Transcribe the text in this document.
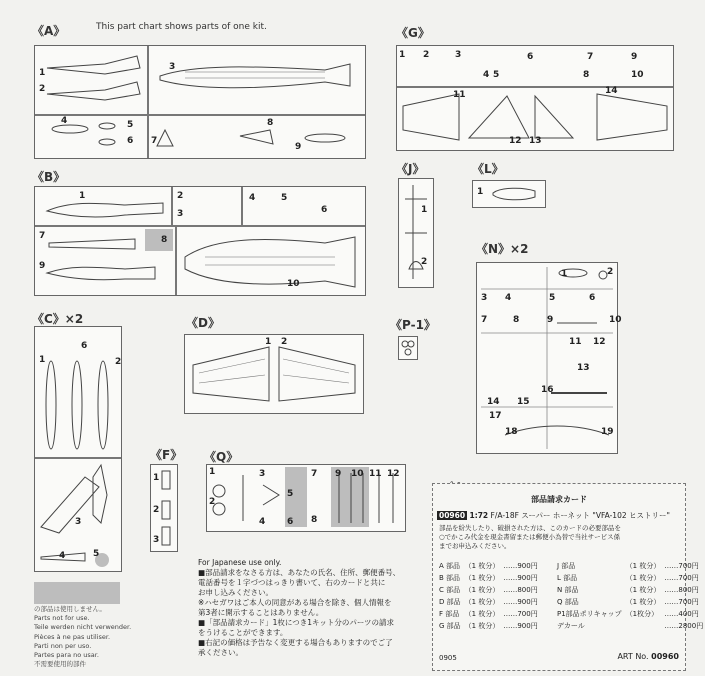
This part chart shows parts of one kit.
《A》
1
2
3
4	5
6 7
8
9
《B》
1	2
3
4	5
6
7	8
9
10
《C》×2
1	2
3
4	5
6
の部品は使用しません。
Parts not for use.
Teile werden nicht verwender.
Pièces à ne pas utiliser.
Parti non per uso.
Partes para no usar.
不需要使用的部件
《D》
1 2
《P-1》
《F》
1
2
3
《Q》
1
2
3
4
5
6
7
8
9 10 11 12
《G》
1 2	3
4 5
6	7
8
9
10
11
12 13
14
《J》
1
2
《L》
1
《N》×2
1	2
3 4	5	6
7	8	9	10
11 12
13
14 15
16
17
18	19
For Japanese use only.
■部品請求をなさる方は、あなたの氏名、住所、郵便番号、
電話番号を１字づつはっきり書いて、右のカードと共に
お申し込みください。
※ハセガワはご本人の同意がある場合を除き、個人情報を
第3者に開示することはありません。
■「部品請求カード」1枚につき1キット分のパーツの請求
をうけることができます。
■右記の価格は予告なく変更する場合もありますのでご了
承ください。
部品請求カード
00960 1:72 F/A-18F スーパー ホーネット "VFA-102 ヒストリー"
部品を紛失したり、破損された方は、このカードの必要部品を
○でかこみ代金を現金書留または郵便小為替で当社サービス係
までお申込みください。
A 部品	（1 枚分）	……900円
B 部品	（1 枚分）	……900円
C 部品	（1 枚分）	……800円
D 部品	（1 枚分）	……900円
F 部品	（1 枚分）	……700円
G 部品	（1 枚分）	……900円
J 部品	（1 枚分）	……700円
L 部品	（1 枚分）	……700円
N 部品	（1 枚分）	……800円
Q 部品	（1 枚分）	……700円
P1部品ポリキャップ	（1枚分）	……400円
デカール		……2800円
0905	ART No. 00960
